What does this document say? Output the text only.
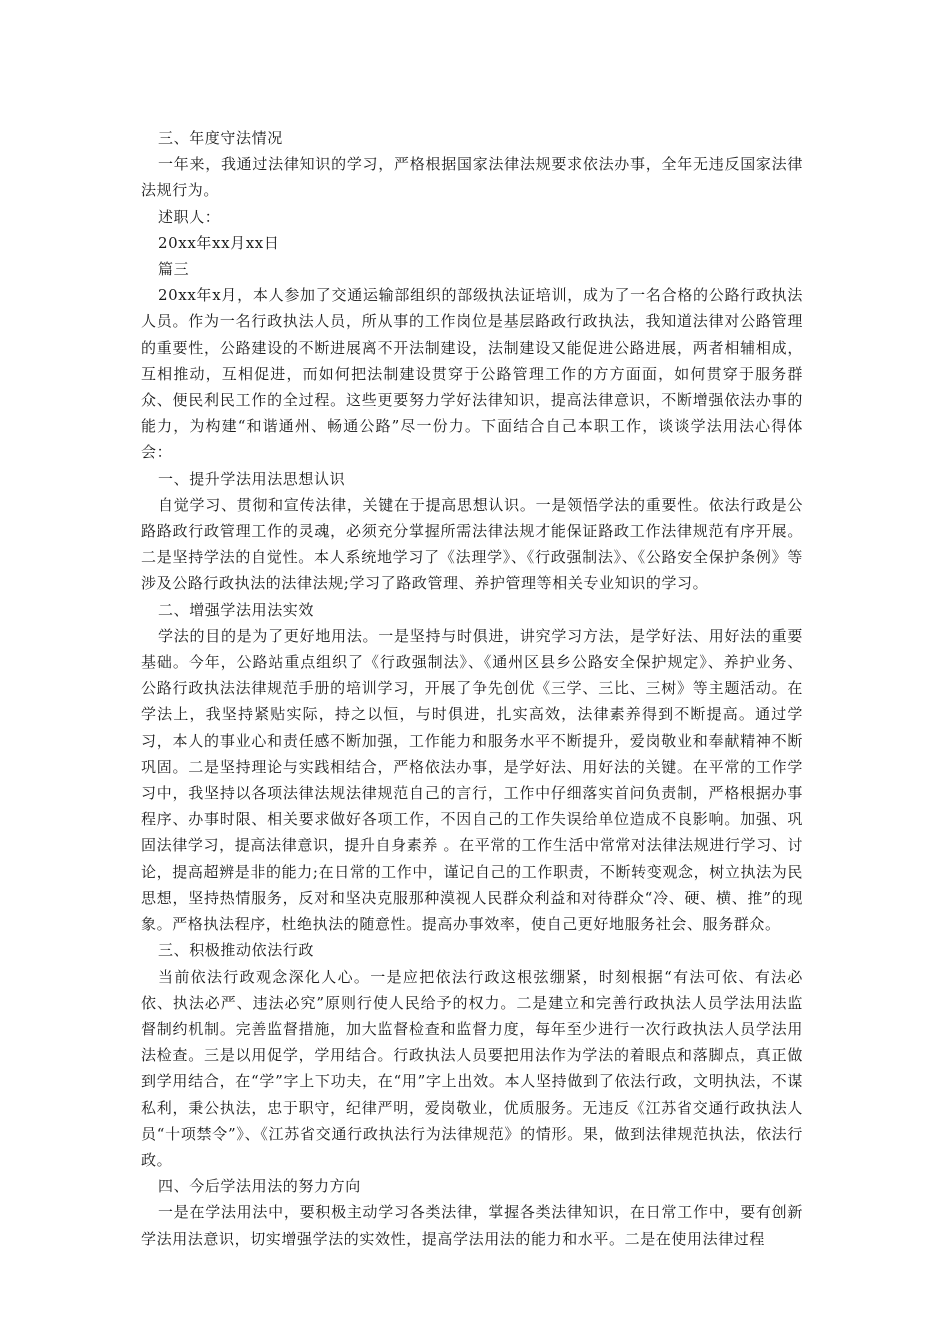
三、年度守法情况

一年来，我通过法律知识的学习，严格根据国家法律法规要求依法办事，全年无违反国家法律法规行为。

述职人：

20xx年xx月xx日

篇三

20xx年x月，本人参加了交通运输部组织的部级执法证培训，成为了一名合格的公路行政执法人员。作为一名行政执法人员，所从事的工作岗位是基层路政行政执法，我知道法律对公路管理的重要性，公路建设的不断进展离不开法制建设，法制建设又能促进公路进展，两者相辅相成，互相推动，互相促进，而如何把法制建设贯穿于公路管理工作的方方面面，如何贯穿于服务群众、便民利民工作的全过程。这些更要努力学好法律知识，提高法律意识，不断增强依法办事的能力，为构建“和谐通州、畅通公路”尽一份力。下面结合自己本职工作，谈谈学法用法心得体会：

一、提升学法用法思想认识

自觉学习、贯彻和宣传法律，关键在于提高思想认识。一是领悟学法的重要性。依法行政是公路路政行政管理工作的灵魂，必须充分掌握所需法律法规才能保证路政工作法律规范有序开展。二是坚持学法的自觉性。本人系统地学习了《法理学》、《行政强制法》、《公路安全保护条例》等涉及公路行政执法的法律法规;学习了路政管理、养护管理等相关专业知识的学习。

二、增强学法用法实效

学法的目的是为了更好地用法。一是坚持与时俱进，讲究学习方法，是学好法、用好法的重要基础。今年，公路站重点组织了《行政强制法》、《通州区县乡公路安全保护规定》、养护业务、公路行政执法法律规范手册的培训学习，开展了争先创优《三学、三比、三树》等主题活动。在学法上，我坚持紧贴实际，持之以恒，与时俱进，扎实高效，法律素养得到不断提高。通过学习，本人的事业心和责任感不断加强，工作能力和服务水平不断提升，爱岗敬业和奉献精神不断巩固。二是坚持理论与实践相结合，严格依法办事，是学好法、用好法的关键。在平常的工作学习中，我坚持以各项法律法规法律规范自己的言行，工作中仔细落实首问负责制，严格根据办事程序、办事时限、相关要求做好各项工作，不因自己的工作失误给单位造成不良影响。加强、巩固法律学习，提高法律意识，提升自身素养 。在平常的工作生活中常常对法律法规进行学习、讨论，提高超辨是非的能力;在日常的工作中，谨记自己的工作职责，不断转变观念，树立执法为民思想，坚持热情服务，反对和坚决克服那种漠视人民群众利益和对待群众“冷、硬、横、推”的现象。严格执法程序，杜绝执法的随意性。提高办事效率，使自己更好地服务社会、服务群众。

三、积极推动依法行政

当前依法行政观念深化人心。一是应把依法行政这根弦绷紧，时刻根据“有法可依、有法必依、执法必严、违法必究”原则行使人民给予的权力。二是建立和完善行政执法人员学法用法监督制约机制。完善监督措施，加大监督检查和监督力度，每年至少进行一次行政执法人员学法用法检查。三是以用促学，学用结合。行政执法人员要把用法作为学法的着眼点和落脚点，真正做到学用结合，在“学”字上下功夫，在“用”字上出效。本人坚持做到了依法行政，文明执法，不谋私利，秉公执法，忠于职守，纪律严明，爱岗敬业，优质服务。无违反《江苏省交通行政执法人员“十项禁令”》、《江苏省交通行政执法行为法律规范》的情形。果，做到法律规范执法，依法行政。

四、今后学法用法的努力方向

一是在学法用法中，要积极主动学习各类法律，掌握各类法律知识，在日常工作中，要有创新学法用法意识，切实增强学法的实效性，提高学法用法的能力和水平。二是在使用法律过程
